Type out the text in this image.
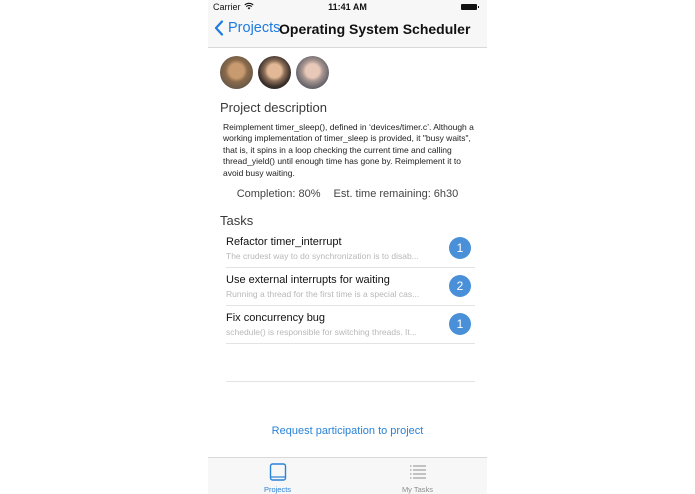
Carrier	11:41 AM
Projects
Operating System Scheduler
Project description
Reimplement timer_sleep(), defined in ‘devices/timer.c’. Although a working implementation of timer_sleep is provided, it "busy waits", that is, it spins in a loop checking the current time and calling thread_yield() until enough time has gone by. Reimplement it to avoid busy waiting.
Completion: 80% Est. time remaining: 6h30
Tasks
Refactor timer_interrupt
The crudest way to do synchronization is to disab...
1
Use external interrupts for waiting
Running a thread for the first time is a special cas...
2
Fix concurrency bug
schedule() is responsible for switching threads. It...
1
Request participation to project
Projects	My Tasks
